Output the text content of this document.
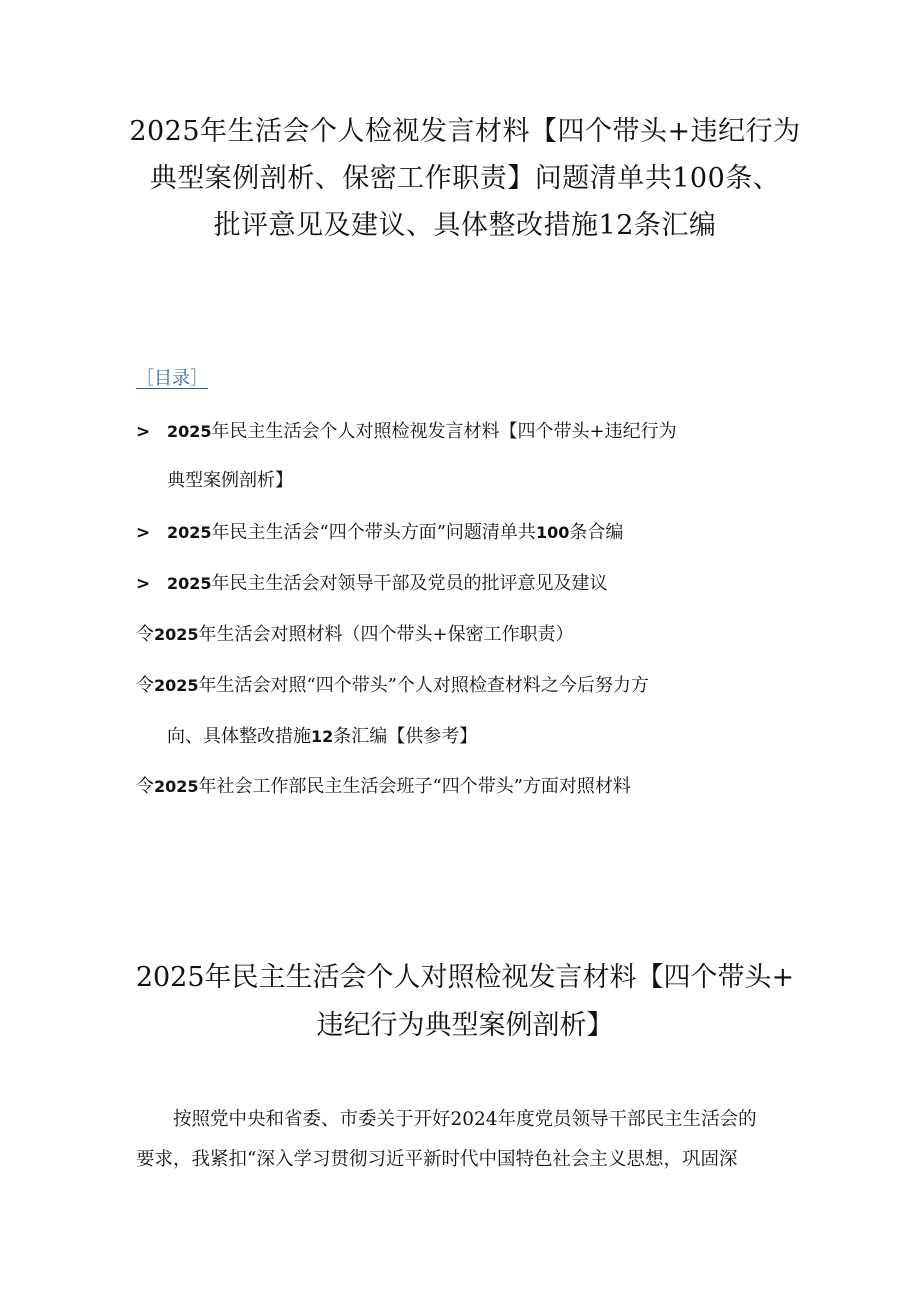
2025年生活会个人检视发言材料【四个带头+违纪行为
典型案例剖析、保密工作职责】问题清单共100条、
批评意见及建议、具体整改措施12条汇编
［目录］
> 2025年民主生活会个人对照检视发言材料【四个带头+违纪行为
典型案例剖析】
> 2025年民主生活会“四个带头方面”问题清单共100条合编
> 2025年民主生活会对领导干部及党员的批评意见及建议
令2025年生活会对照材料（四个带头+保密工作职责）
令2025年生活会对照“四个带头”个人对照检查材料之今后努力方
向、具体整改措施12条汇编【供参考】
令2025年社会工作部民主生活会班子“四个带头”方面对照材料
2025年民主生活会个人对照检视发言材料【四个带头+
违纪行为典型案例剖析】
按照党中央和省委、市委关于开好2024年度党员领导干部民主生活会的
要求，我紧扣“深入学习贯彻习近平新时代中国特色社会主义思想，巩固深
